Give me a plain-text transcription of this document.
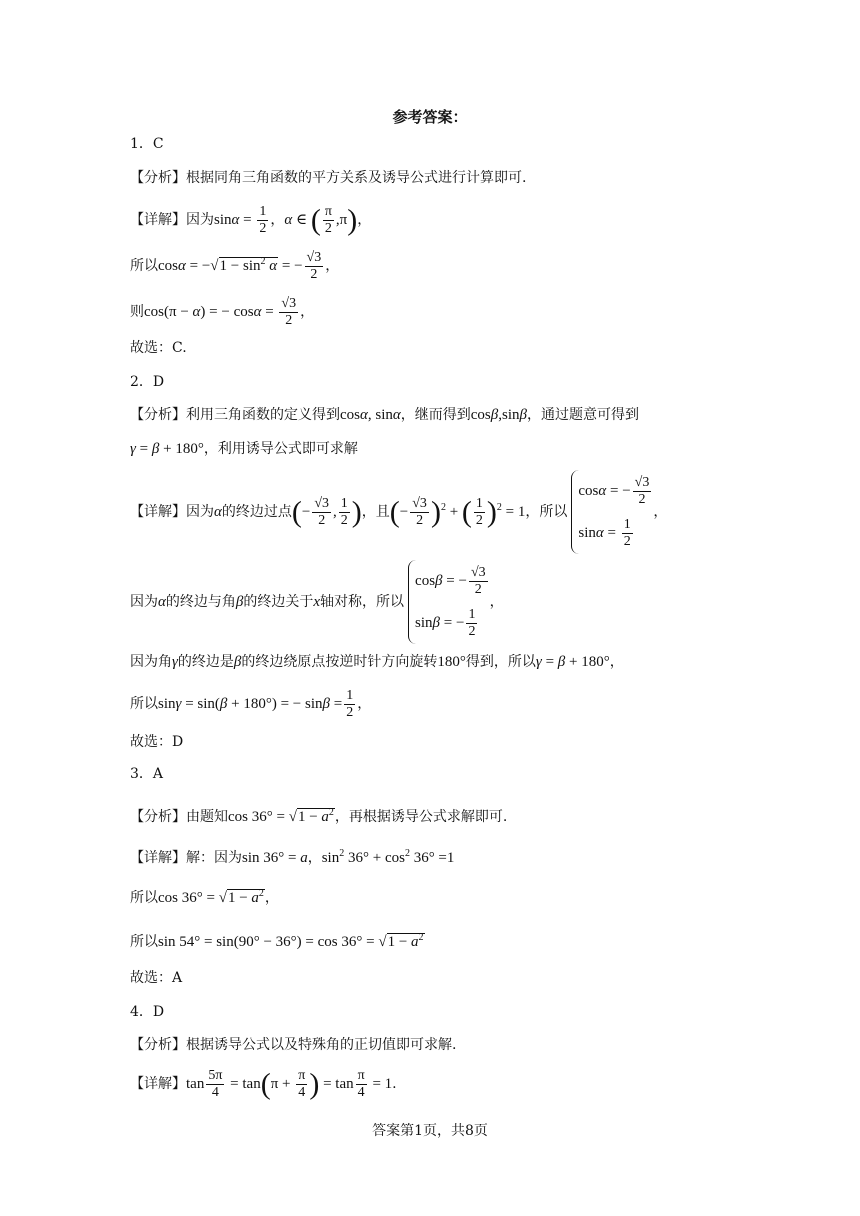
参考答案：
1．C
【分析】根据同角三角函数的平方关系及诱导公式进行计算即可.
【详解】因为$\sin\alpha = \frac{1}{2}$ ，α ∈ ( $\frac{\pi}{2} ,\pi$)，
所以$\cos\alpha = -√1 - \sin^2 \alpha$ = − $\frac{√3}{2}$ ，
则cos(π − α) = − $\cos\alpha = \frac{√3}{2}$ ，
故选：C.
2．D
【分析】利用三角函数的定义得到cosα, sinα，继而得到cosβ,sinβ，通过题意可得到
γ = β + 180°，利用诱导公式即可求解
【详解】因为α的终边过点(− $\frac{√3}{2}$ , $\frac{1}{2}$ )，且(− $\frac{√3}{2} )^2$ + ( $\frac{1}{2} )^2 = 1$，所以
cosα = − $\frac{√3}{2}$
$\sin\alpha = \frac{1}{2}$
，
因为α的终边与角β的终边关于x轴对称，所以
cosβ = − $\frac{√3}{2}$
sinβ = − $\frac{1}{2}$
，
因为角γ的终边是β的终边绕原点按逆时针方向旋转180°得到，所以γ = β + 180°，
所以sinγ = sin(β + 180°) = − $\sin\beta = \frac{1}{2}$ ，
故选：D
3．A
【分析】由题知$\cos 36^\circ = √1 - a^2$，再根据诱导公式求解即可.
【详解】解：因为sin 36° = a，$\sin^2 36^\circ + \cos^2 36^\circ =1$
所以$\cos 36^\circ = √1 - a^2$，
所以$\sin 54^\circ = \sin(90^\circ - 36^\circ) = \cos 36^\circ = √1 - a^2$
故选：A
4．D
【分析】根据诱导公式以及特殊角的正切值即可求解.
【详解】$\tan \frac{5\pi}{4} = \tan(\pi + \frac{\pi}{4}$ ) = $\tan \frac{\pi}{4} = 1$.
答案第1页，共8页
